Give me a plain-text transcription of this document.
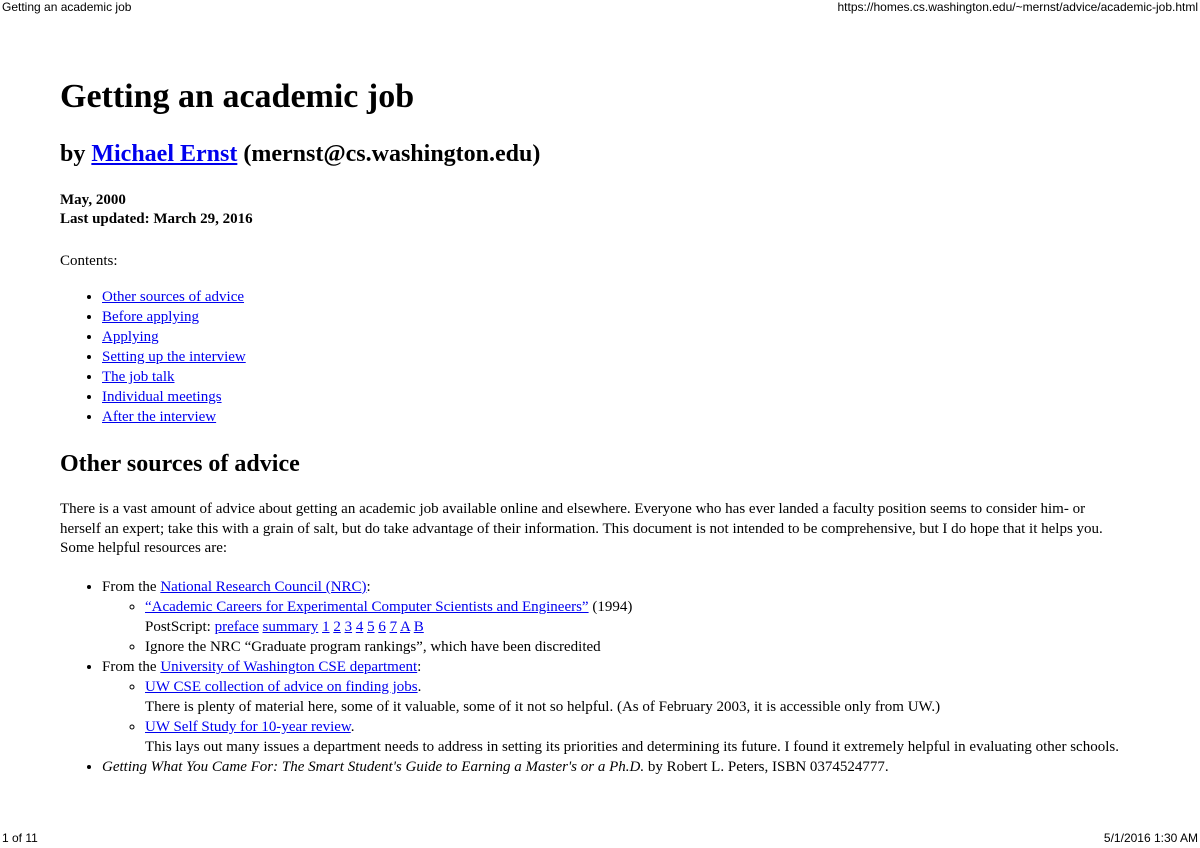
Getting an academic job	https://homes.cs.washington.edu/~mernst/advice/academic-job.html
Getting an academic job
by Michael Ernst (mernst@cs.washington.edu)
May, 2000
Last updated: March 29, 2016
Contents:
• Other sources of advice
• Before applying
• Applying
• Setting up the interview
• The job talk
• Individual meetings
• After the interview
Other sources of advice

There is a vast amount of advice about getting an academic job available online and elsewhere. Everyone who has ever landed a faculty position seems to consider him- or herself an expert; take this with a grain of salt, but do take advantage of their information. This document is not intended to be comprehensive, but I do hope that it helps you. Some helpful resources are:

• From the National Research Council (NRC):
◦ “Academic Careers for Experimental Computer Scientists and Engineers” (1994)
PostScript: preface summary 1 2 3 4 5 6 7 A B
◦ Ignore the NRC “Graduate program rankings”, which have been discredited
• From the University of Washington CSE department:
◦ UW CSE collection of advice on finding jobs.
There is plenty of material here, some of it valuable, some of it not so helpful. (As of February 2003, it is accessible only from UW.)
◦ UW Self Study for 10-year review.
This lays out many issues a department needs to address in setting its priorities and determining its future. I found it extremely helpful in evaluating other schools.
• Getting What You Came For: The Smart Student's Guide to Earning a Master's or a Ph.D. by Robert L. Peters, ISBN 0374524777.
1 of 11	5/1/2016 1:30 AM
